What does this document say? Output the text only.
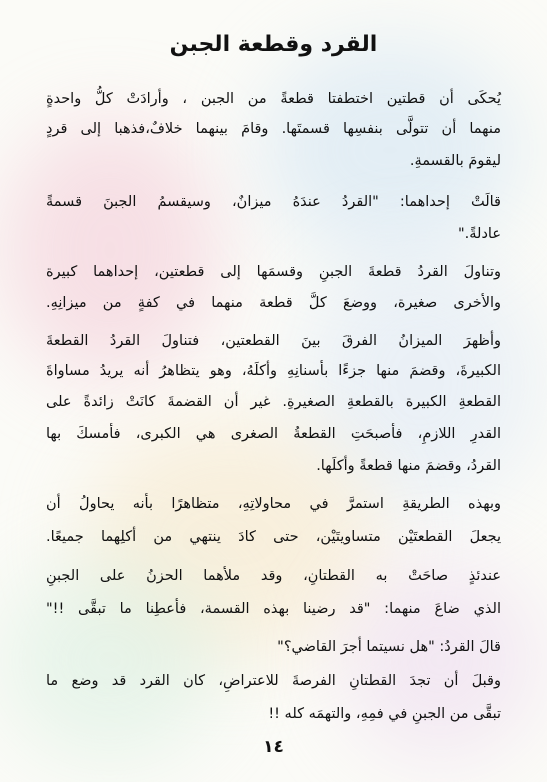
القرد وقطعة الجبن
يُحكَى أن قطتين اختطفتا قطعةً من الجبن ، وأرادَتْ كلُّ واحدةٍ
منهما أن تتولَّى بنفسِها قسمتَها. وقامَ بينهما خلافٌ،فذهبا إلى قردٍ
ليقومَ بالقسمةِ.
قالَتْ إحداهما: "القردُ عندَهُ ميزانٌ، وسيقسمُ الجبنَ قسمةً
عادلةً."
وتناولَ القردُ قطعةَ الجبنِ وقسمَها إلى قطعتين، إحداهما كبيرة
والأخرى صغيرة، ووضعَ كلَّ قطعة منهما في كفةٍ من ميزانِهِ.
وأظهرَ الميزانُ الفرقَ بينَ القطعتين، فتناولَ القردُ القطعةَ
الكبيرةَ، وقضمَ منها جزءًا بأسنانِهِ وأكلَهُ، وهو يتظاهرُ أنه يريدُ مساواةَ
القطعةِ الكبيرة بالقطعةِ الصغيرةِ. غير أن القضمةَ كانَتْ زائدةً على
القدرِ اللازمِ، فأصبحَتِ القطعةُ الصغرى هي الكبرى، فأمسكَ بها
القردُ، وقضمَ منها قطعةً وأكلَها.
وبهذه الطريقةِ استمرَّ في محاولاتِهِ، متظاهرًا بأنه يحاولُ أن
يجعلَ القطعتَيْن متساويتَيْن، حتى كادَ ينتهي من أكلِهما جميعًا.
عندئذٍ صاحَتْ به القطتانِ، وقد ملأهما الحزنُ على الجبنِ
الذي ضاعَ منهما: "قد رضينا بهذه القسمة، فأعطِنا ما تبقَّى !!"
قالَ القردُ: "هل نسيتما أجرَ القاضي؟"
وقبلَ أن تجدَ القطتانِ الفرصةَ للاعتراضِ، كان القرد قد وضع ما
تبقَّى من الجبنِ في فمِهِ، والتهمَه كله !!
١٤
